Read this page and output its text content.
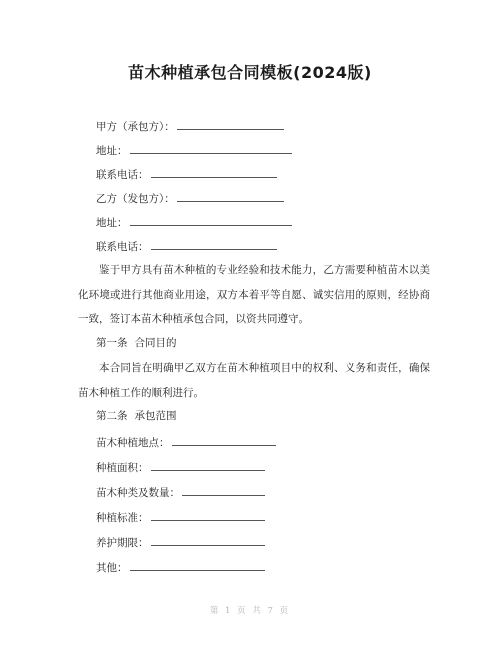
苗木种植承包合同模板(2024版)
甲方（承包方）：
地址：
联系电话：
乙方（发包方）：
地址：
联系电话：
鉴于甲方具有苗木种植的专业经验和技术能力，乙方需要种植苗木以美化环境或进行其他商业用途，双方本着平等自愿、诚实信用的原则，经协商一致，签订本苗木种植承包合同，以资共同遵守。
第一条 合同目的
本合同旨在明确甲乙双方在苗木种植项目中的权利、义务和责任，确保苗木种植工作的顺利进行。
第二条 承包范围
苗木种植地点：
种植面积：
苗木种类及数量：
种植标准：
养护期限：
其他：
第 1 页 共 7 页
